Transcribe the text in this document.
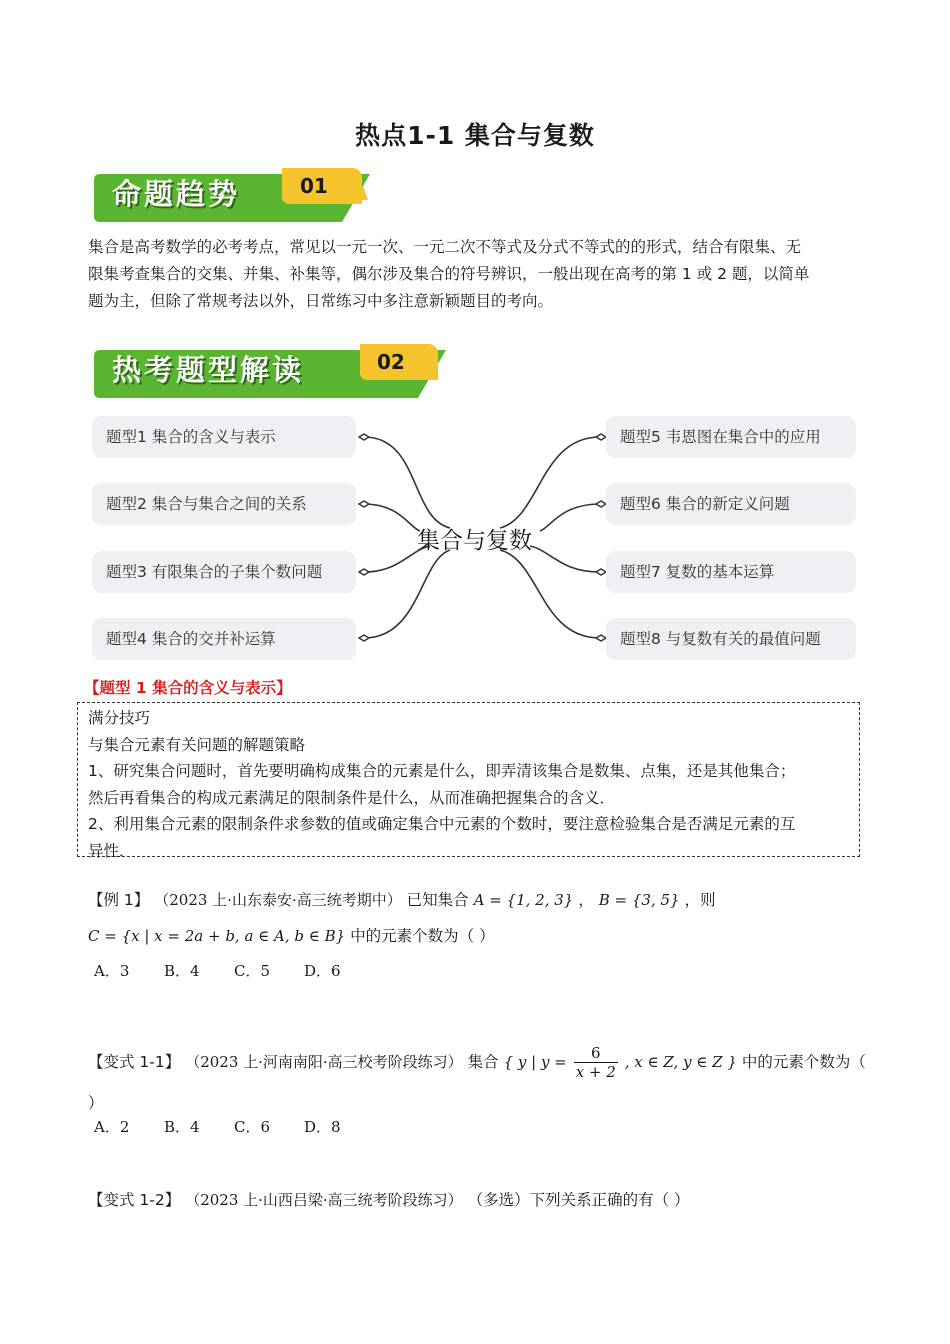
热点1-1 集合与复数
命题趋势	01
集合是高考数学的必考考点，常见以一元一次、一元二次不等式及分式不等式的的形式，结合有限集、无
限集考查集合的交集、并集、补集等，偶尔涉及集合的符号辨识，一般出现在高考的第 1 或 2 题，以简单
题为主，但除了常规考法以外，日常练习中多注意新颖题目的考向。
热考题型解读	02
题型1 集合的含义与表示
题型2 集合与集合之间的关系
题型3 有限集合的子集个数问题
题型4 集合的交并补运算
集合与复数
题型5 韦恩图在集合中的应用
题型6 集合的新定义问题
题型7 复数的基本运算
题型8 与复数有关的最值问题
【题型 1 集合的含义与表示】
满分技巧
与集合元素有关问题的解题策略
1、研究集合问题时，首先要明确构成集合的元素是什么，即弄清该集合是数集、点集，还是其他集合；
然后再看集合的构成元素满足的限制条件是什么，从而准确把握集合的含义．
2、利用集合元素的限制条件求参数的值或确定集合中元素的个数时，要注意检验集合是否满足元素的互
异性．
【例 1】 （2023 上·山东泰安·高三统考期中） 已知集合 A = {1, 2, 3} ， B = {3, 5} ，则
C = {x | x = 2a + b, a ∈ A, b ∈ B} 中的元素个数为（ ）
A．3 B．4 C．5 D．6
【变式 1-1】 （2023 上·河南南阳·高三校考阶段练习） 集合 { y | $y = \frac{6}{x + 2}$ , x ∈ Z, y ∈ Z } 中的元素个数为（
）
A．2 B．4 C．6 D．8
【变式 1-2】 （2023 上·山西吕梁·高三统考阶段练习） （多选）下列关系正确的有（ ）
